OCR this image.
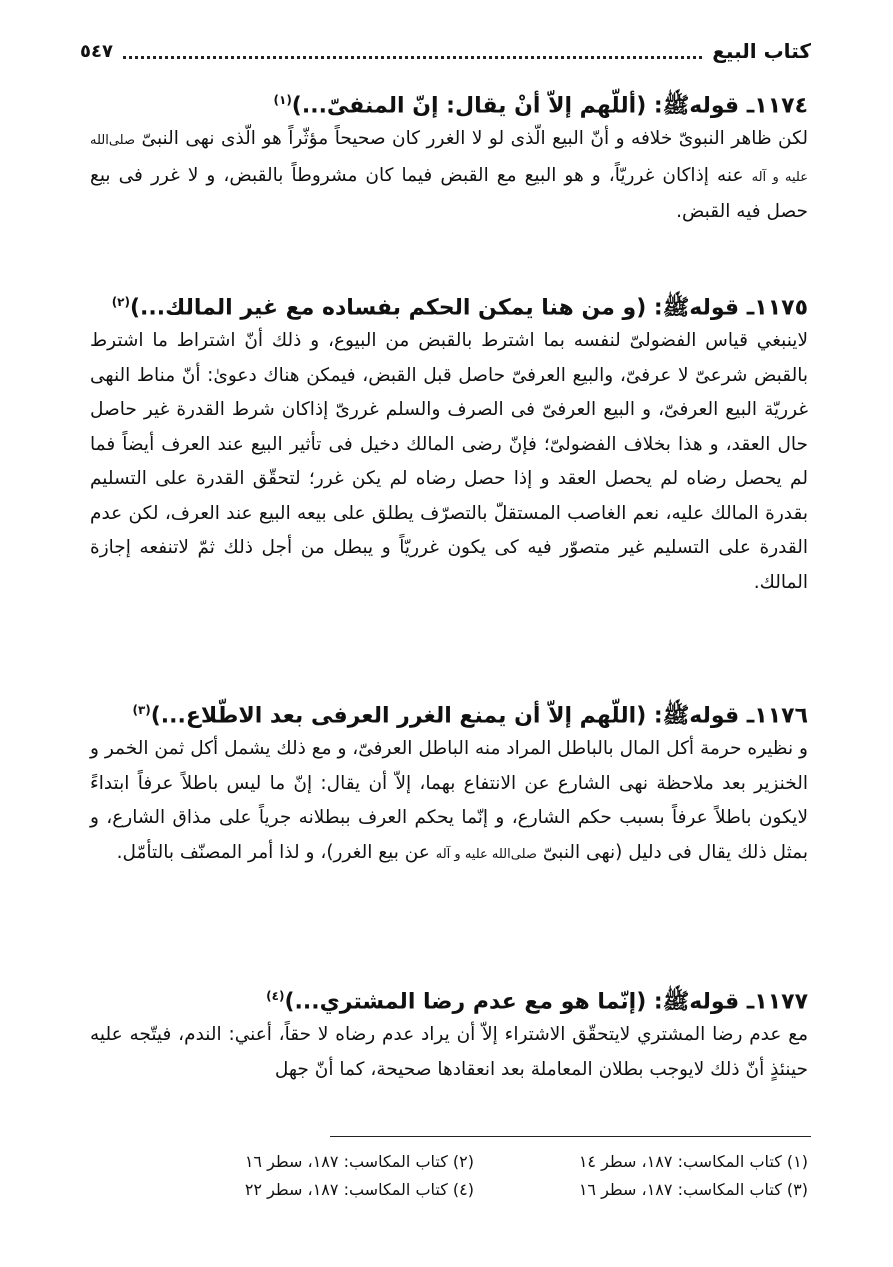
كتاب البيع
٥٤٧
١١٧٤ـ قوله‌ﷺ: (أللّهم إلاّ أنْ يقال: إنّ المنفىّ...)$^{(١)}$
لكن ظاهر النبوىّ خلافه و أنّ البيع الّذى لو لا الغرر كان صحيحاً مؤثّراً هو الّذى نهى النبىّ صلى‌الله عليه و آله عنه إذاكان غرريّاً، و هو البيع مع القبض فيما كان مشروطاً بالقبض، و لا غرر فى بيع حصل فيه القبض.
١١٧٥ـ قوله‌ﷺ: (و من هنا يمكن الحكم بفساده مع غير المالك...)$^{(٢)}$
لاينبغي قياس الفضولىّ لنفسه بما اشترط بالقبض من البيوع، و ذلك أنّ اشتراط ما اشترط بالقبض شرعىّ لا عرفىّ، والبيع العرفىّ حاصل قبل القبض، فيمكن هناك دعوىٰ: أنّ مناط النهى غرريّة البيع العرفىّ، و البيع العرفىّ فى الصرف والسلم غررىّ إذاكان شرط القدرة غير حاصل حال العقد، و هذا بخلاف الفضولىّ؛ فإنّ رضى المالك دخيل فى تأثير البيع عند العرف أيضاً فما لم يحصل رضاه لم يحصل العقد و إذا حصل رضاه لم يكن غرر؛ لتحقّق القدرة على التسليم بقدرة المالك عليه، نعم الغاصب المستقلّ بالتصرّف يطلق على بيعه البيع عند العرف، لكن عدم القدرة على التسليم غير متصوّر فيه كى يكون غرريّاً و يبطل من أجل ذلك ثمّ لاتنفعه إجازة المالك.
١١٧٦ـ قوله‌ﷺ: (اللّهم إلاّ أن يمنع الغرر العرفى بعد الاطّلاع...)$^{(٣)}$
و نظيره حرمة أكل المال بالباطل المراد منه الباطل العرفىّ، و مع ذلك يشمل أكل ثمن الخمر و الخنزير بعد ملاحظة نهى الشارع عن الانتفاع بهما، إلاّ أن يقال: إنّ ما ليس باطلاً عرفاً ابتداءً لايكون باطلاً عرفاً بسبب حكم الشارع، و إنّما يحكم العرف ببطلانه جرياً على مذاق الشارع، و بمثل ذلك يقال فى دليل (نهى النبىّ صلى‌الله عليه و آله عن بيع الغرر)، و لذا أمر المصنّف بالتأمّل.
١١٧٧ـ قوله‌ﷺ: (إنّما هو مع عدم رضا المشتري...)$^{(٤)}$
مع عدم رضا المشتري لايتحقّق الاشتراء إلاّ أن يراد عدم رضاه لا حقاً، أعني: الندم، فيتّجه عليه حينئذٍ أنّ ذلك لايوجب بطلان المعاملة بعد انعقادها صحيحة، كما أنّ جهل
(١) كتاب المكاسب: ١٨٧، سطر ١٤
(٢) كتاب المكاسب: ١٨٧، سطر ١٦
(٣) كتاب المكاسب: ١٨٧، سطر ١٦
(٤) كتاب المكاسب: ١٨٧، سطر ٢٢
